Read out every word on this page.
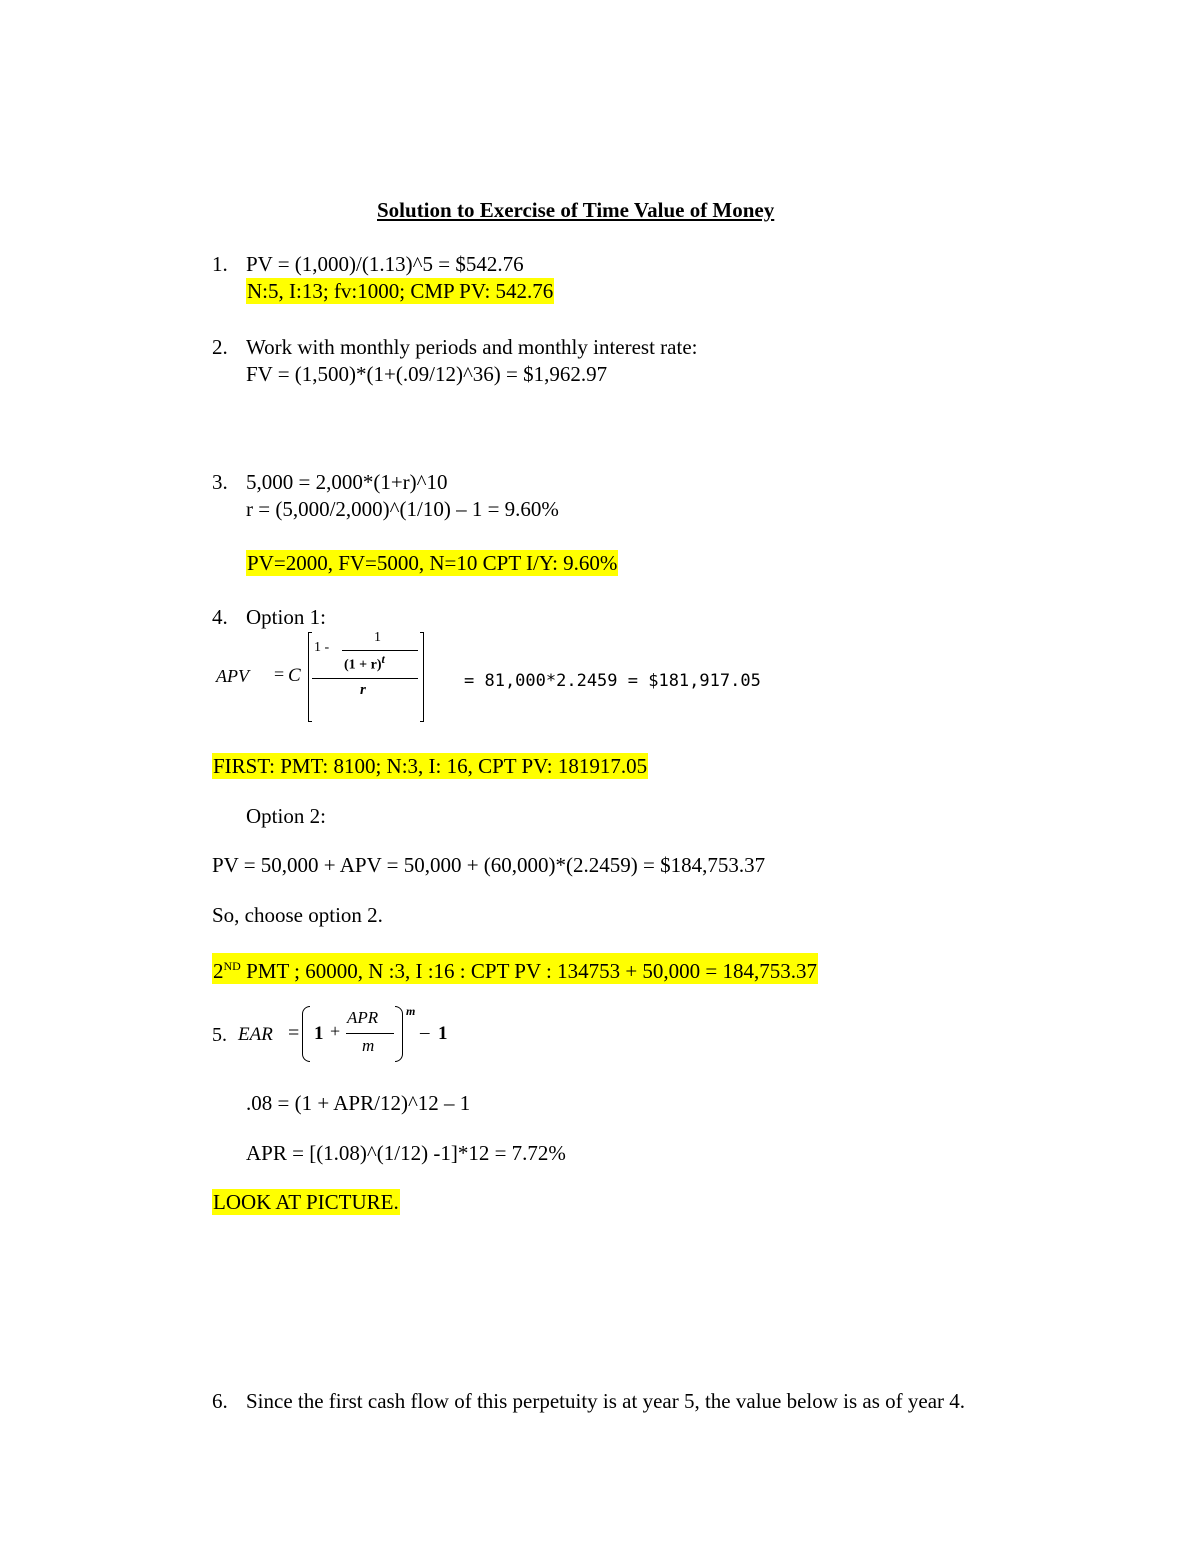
Solution to Exercise of Time Value of Money
1. PV = (1,000)/(1.13)^5 = $542.76
N:5, I:13; fv:1000; CMP PV: 542.76
2. Work with monthly periods and monthly interest rate:
FV = (1,500)*(1+(.09/12)^36) = $1,962.97
3. 5,000 = 2,000*(1+r)^10
r = (5,000/2,000)^(1/10) – 1 = 9.60%
PV=2000, FV=5000, N=10 CPT I/Y: 9.60%
4. Option 1:
APV = C
1 -
1
$(1 + r)^t$
r	= 81,000*2.2459 = $181,917.05
FIRST: PMT: 8100; N:3, I: 16, CPT PV: 181917.05
Option 2:
PV = 50,000 + APV = 50,000 + (60,000)*(2.2459) = $184,753.37
So, choose option 2.
2ND PMT ; 60000, N :3, I :16 : CPT PV : 134753 + 50,000 = 184,753.37
5. EAR = 1 +
APR
m
m
– 1
.08 = (1 + APR/12)^12 – 1
APR = [(1.08)^(1/12) -1]*12 = 7.72%
LOOK AT PICTURE.
6. Since the first cash flow of this perpetuity is at year 5, the value below is as of year 4.
